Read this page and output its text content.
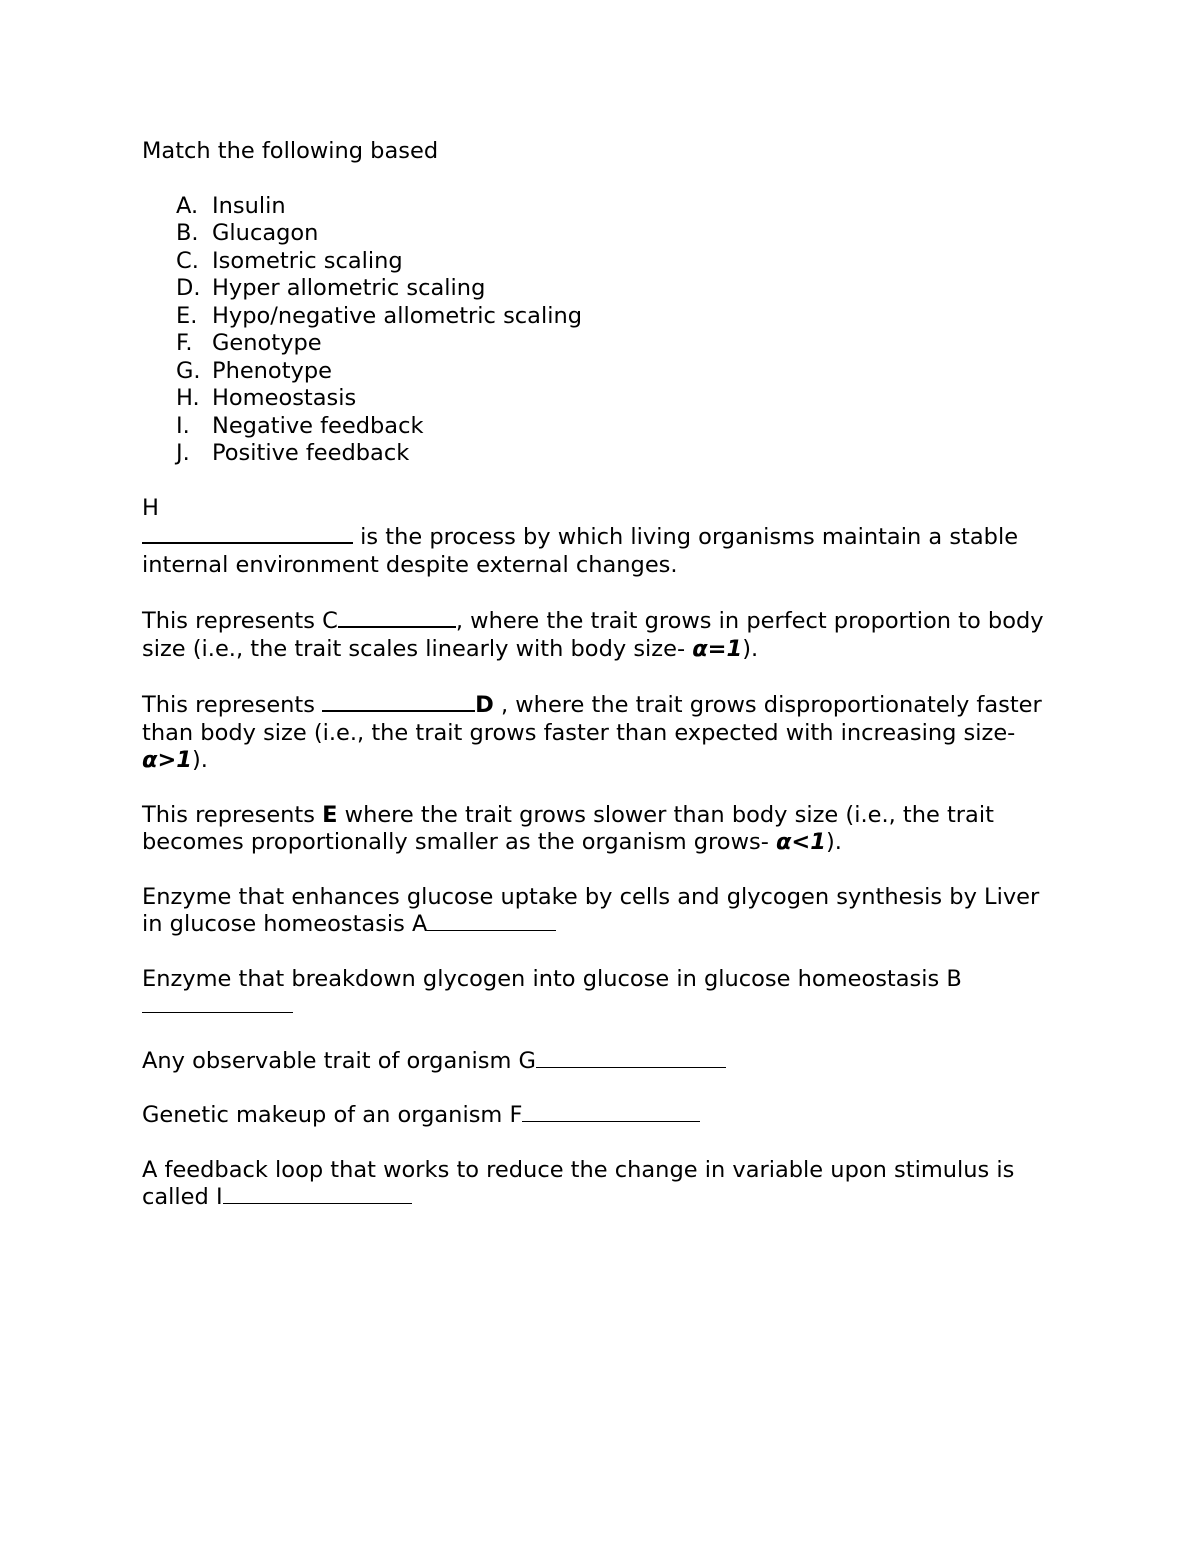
Match the following based

A. Insulin
B. Glucagon
C. Isometric scaling
D. Hyper allometric scaling
E. Hypo/negative allometric scaling
F. Genotype
G. Phenotype
H. Homeostasis
I. Negative feedback
J. Positive feedback
H
is the process by which living organisms maintain a stable internal environment despite external changes.
This represents C	, where the trait grows in perfect proportion to body size (i.e., the trait scales linearly with body size- α=1).
This represents	D , where the trait grows disproportionately faster than body size (i.e., the trait grows faster than expected with increasing size- α>1).
This represents E where the trait grows slower than body size (i.e., the trait becomes proportionally smaller as the organism grows- α<1).
Enzyme that enhances glucose uptake by cells and glycogen synthesis by Liver in glucose homeostasis A
Enzyme that breakdown glycogen into glucose in glucose homeostasis B
Any observable trait of organism G
Genetic makeup of an organism F
A feedback loop that works to reduce the change in variable upon stimulus is called I
